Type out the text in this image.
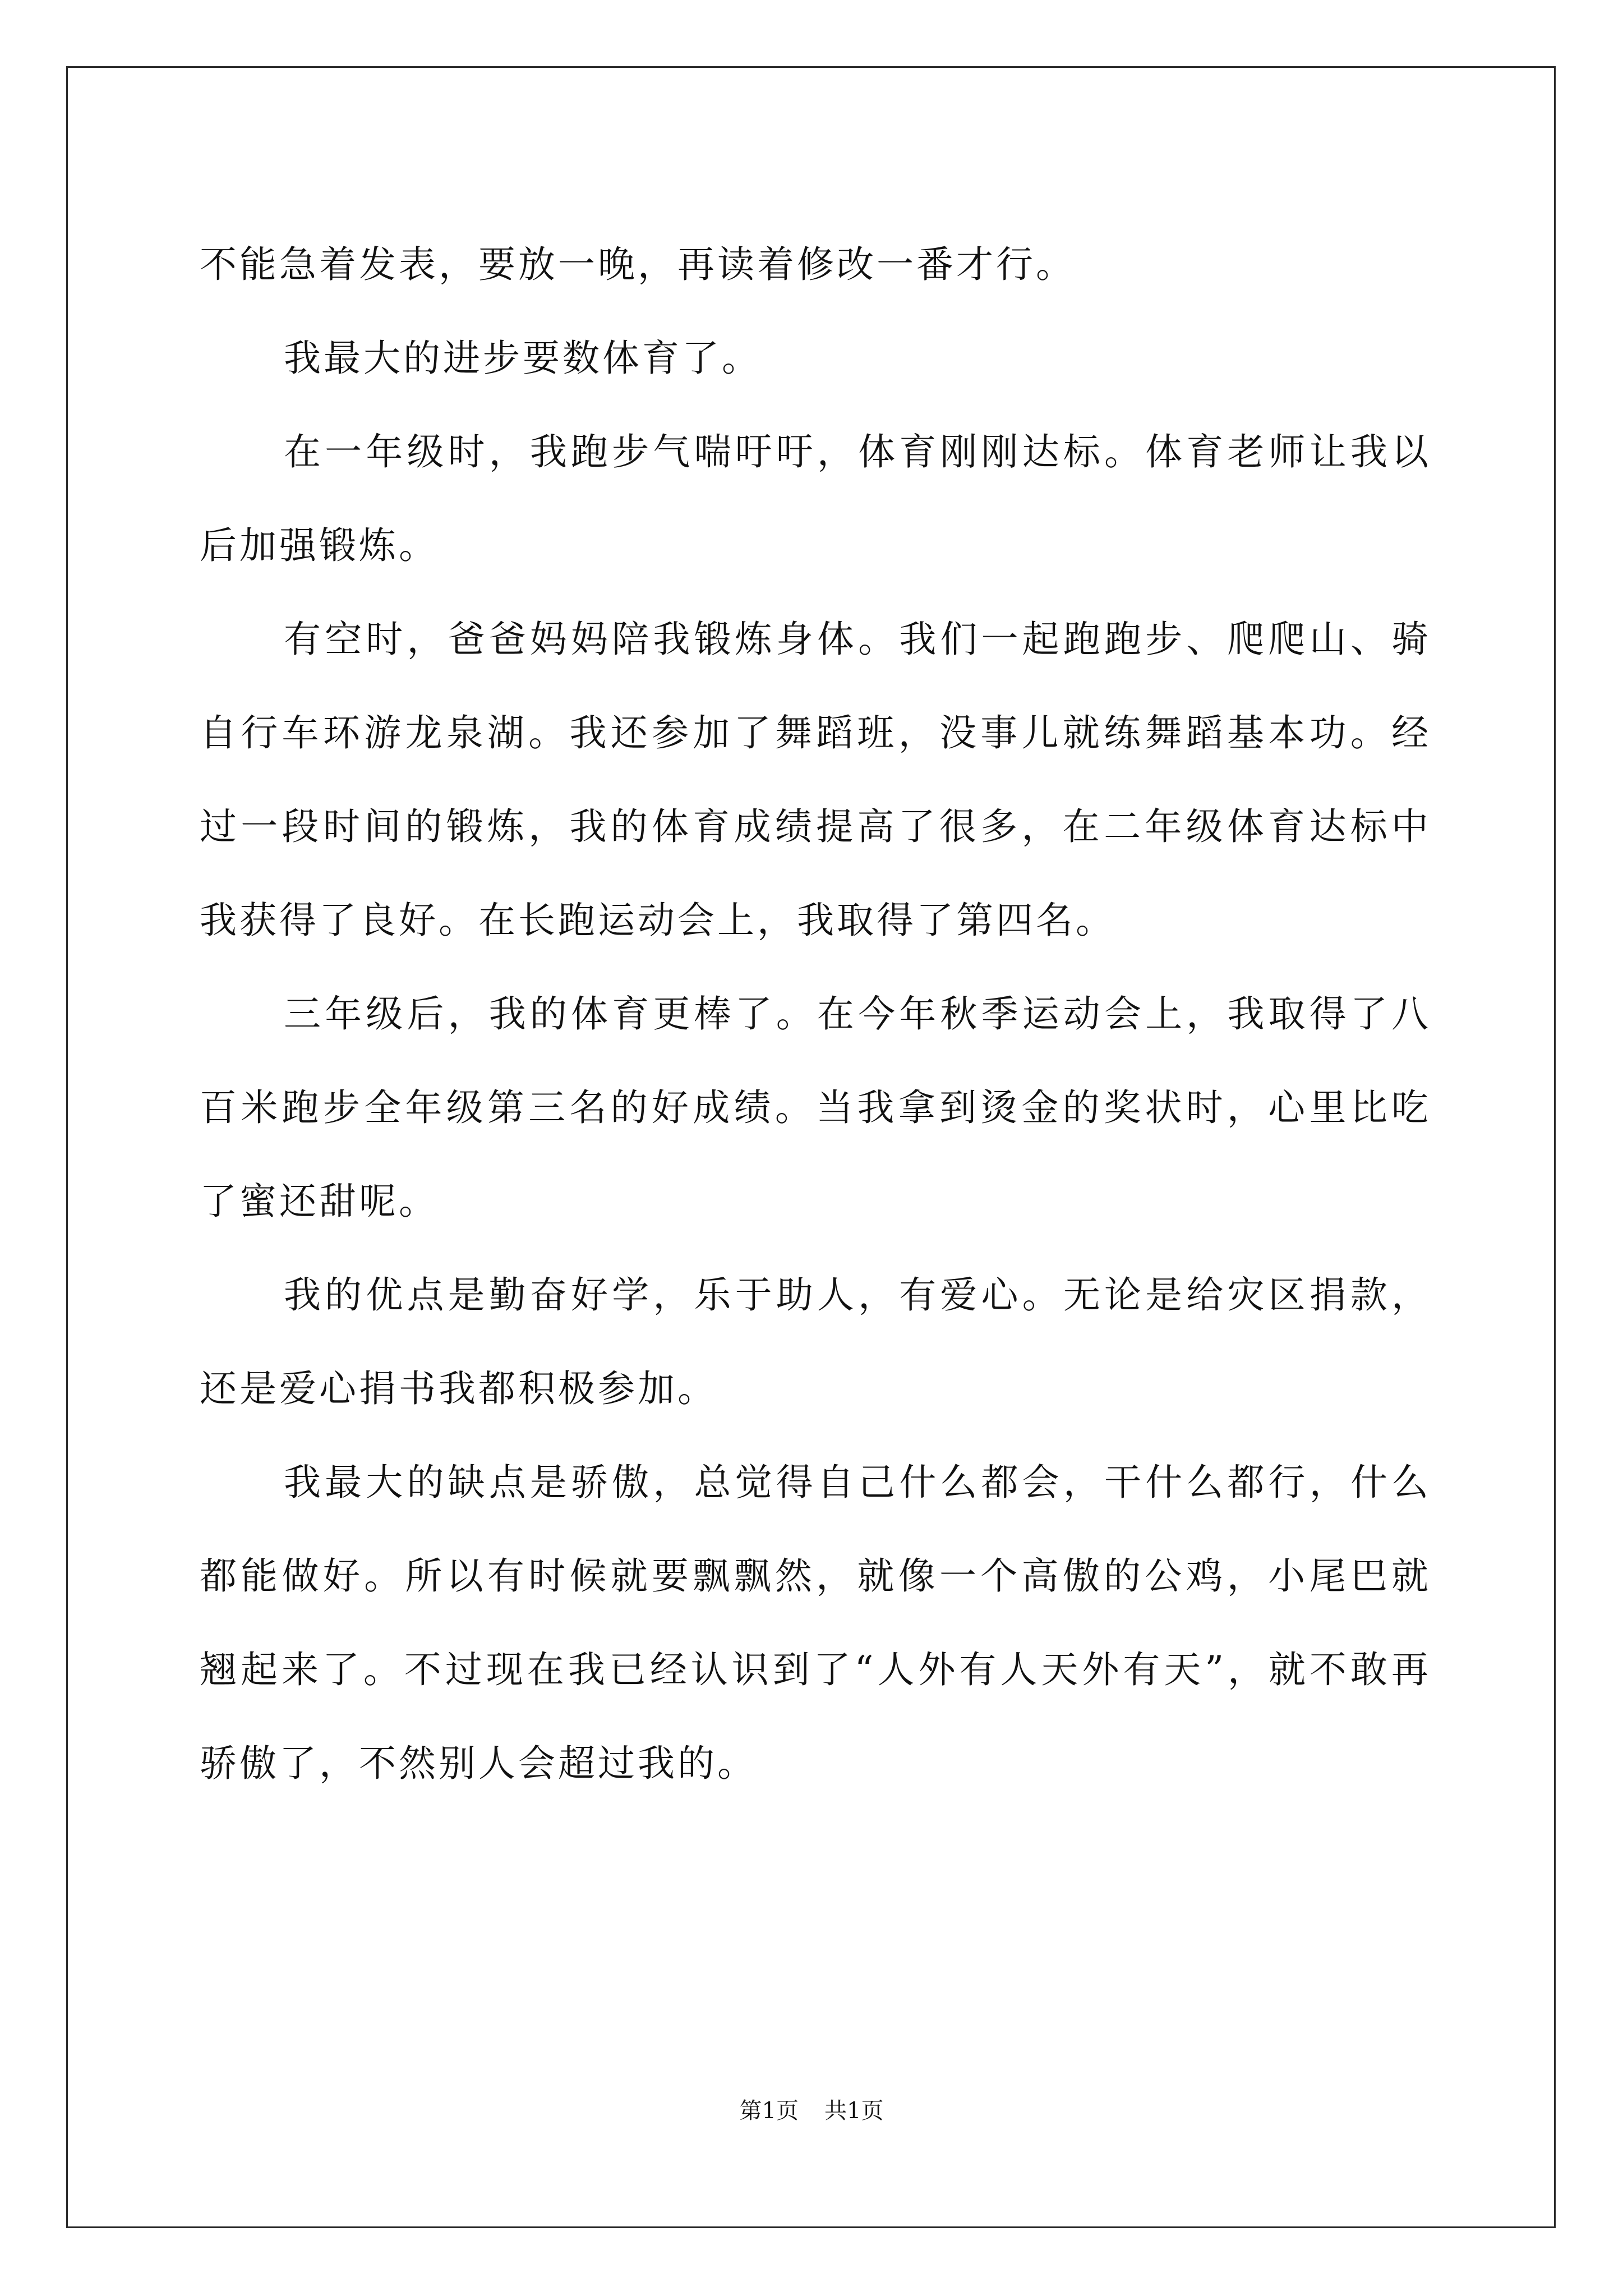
不能急着发表，要放一晚，再读着修改一番才行。

我最大的进步要数体育了。

在一年级时，我跑步气喘吁吁，体育刚刚达标。体育老师让我以后加强锻炼。

有空时，爸爸妈妈陪我锻炼身体。我们一起跑跑步、爬爬山、骑自行车环游龙泉湖。我还参加了舞蹈班，没事儿就练舞蹈基本功。经过一段时间的锻炼，我的体育成绩提高了很多，在二年级体育达标中我获得了良好。在长跑运动会上，我取得了第四名。

三年级后，我的体育更棒了。在今年秋季运动会上，我取得了八百米跑步全年级第三名的好成绩。当我拿到烫金的奖状时，心里比吃了蜜还甜呢。

我的优点是勤奋好学，乐于助人，有爱心。无论是给灾区捐款，还是爱心捐书我都积极参加。

我最大的缺点是骄傲，总觉得自己什么都会，干什么都行，什么都能做好。所以有时候就要飘飘然，就像一个高傲的公鸡，小尾巴就翘起来了。不过现在我已经认识到了“人外有人天外有天”，就不敢再骄傲了，不然别人会超过我的。

第1页 共1页
